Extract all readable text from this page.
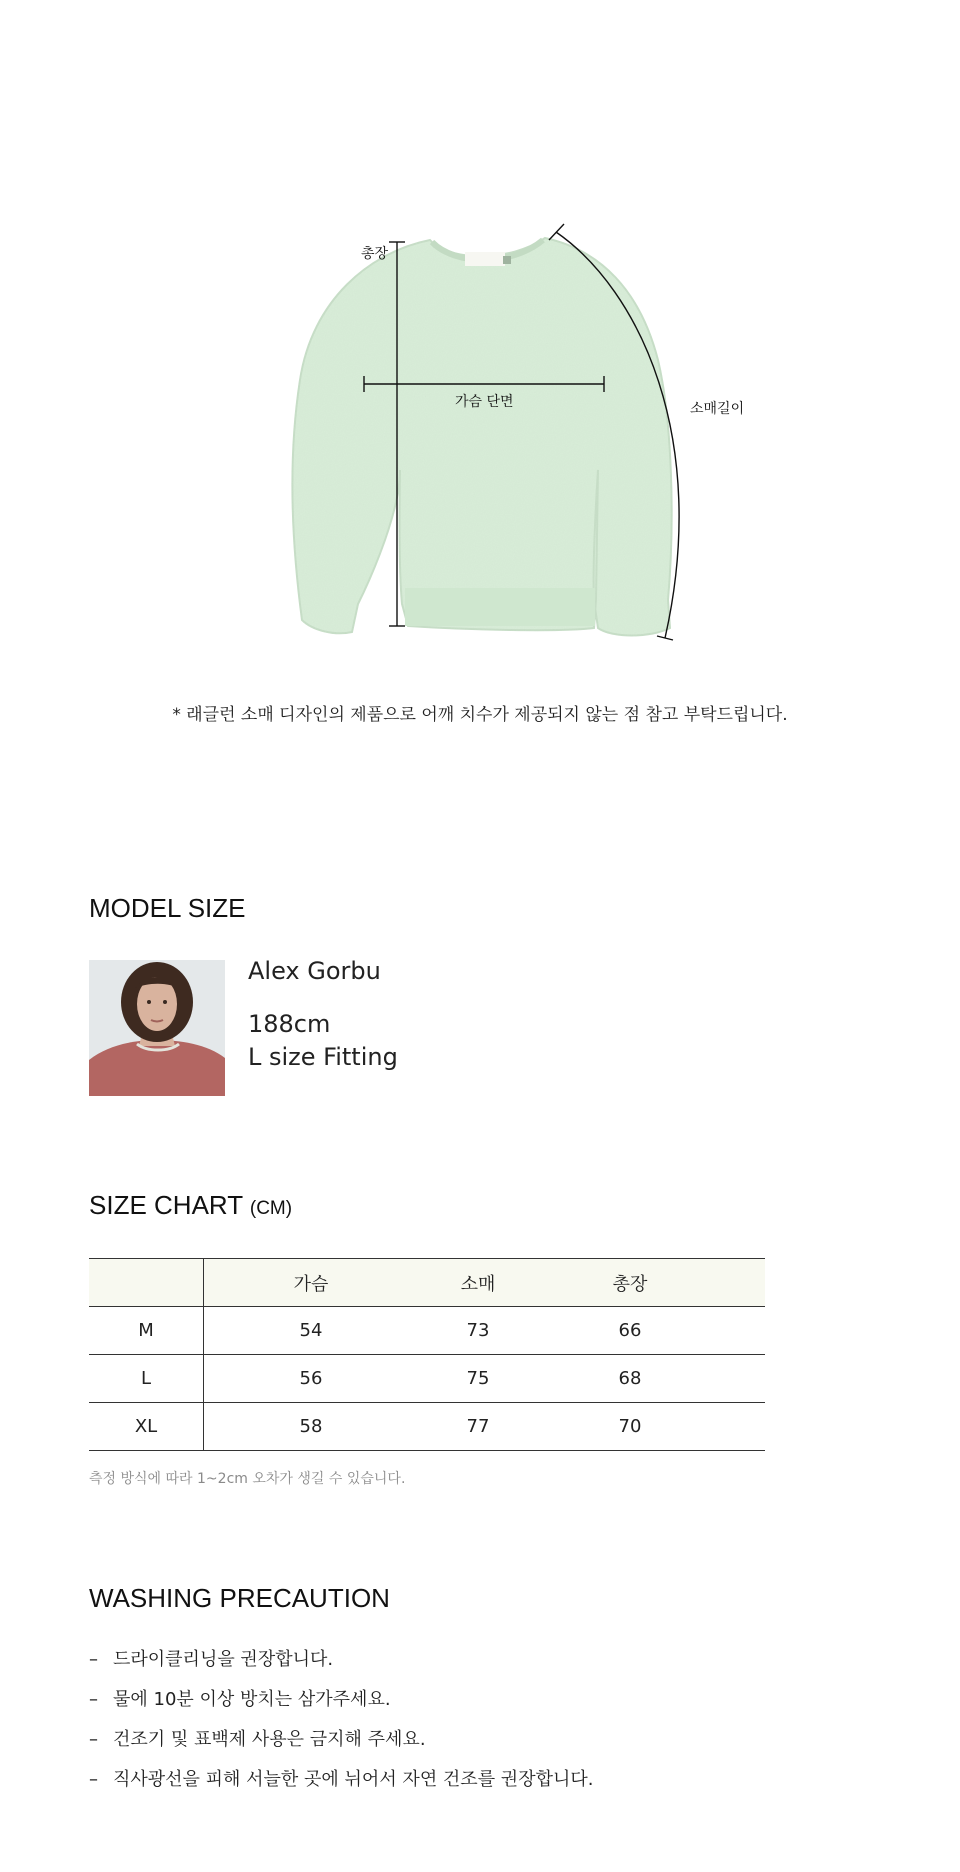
총장
가슴 단면	소매길이
* 래글런 소매 디자인의 제품으로 어깨 치수가 제공되지 않는 점 참고 부탁드립니다.
MODEL SIZE
Alex Gorbu
188cm
L size Fitting
SIZE CHART (CM)
	가슴	소매	총장	
M	54	73	66	
L	56	75	68	
XL	58	77	70	
측정 방식에 따라 1~2cm 오차가 생길 수 있습니다.
WASHING PRECAUTION
– 드라이클리닝을 권장합니다.
– 물에 10분 이상 방치는 삼가주세요.
– 건조기 및 표백제 사용은 금지해 주세요.
– 직사광선을 피해 서늘한 곳에 뉘어서 자연 건조를 권장합니다.
